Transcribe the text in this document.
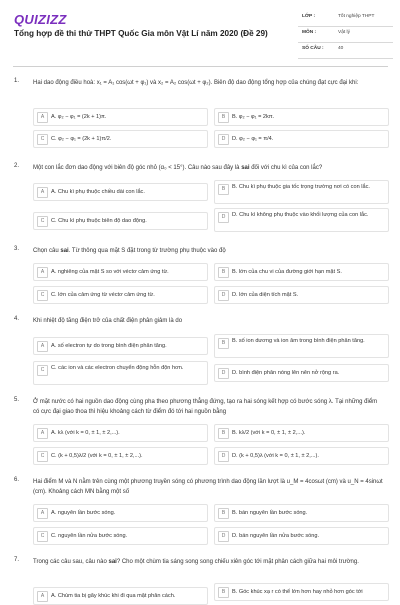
QUIZIZZ
Tổng hợp đề thi thử THPT Quốc Gia môn Vật Lí năm 2020 (Đề 29)
LỚP :	Tốt nghiệp THPT
MÔN :	Vật lý
SỐ CÂU :	40
1. Hai dao động điều hoà: x₁ = A₁ cos(ωt + φ₁) và x₂ = A₂ cos(ωt + φ₂). Biên độ dao động tổng hợp của chúng đạt cực đại khi:
A	A. φ₂ − φ₁ = (2k + 1)π.	B	B. φ₂ − φ₁ = 2kπ.
C	C. φ₂ − φ₁ = (2k + 1)π/2.	D	D. φ₂ − φ₁ = π/4.
2. Một con lắc đơn dao động với biên độ góc nhỏ (α₀ < 15°). Câu nào sau đây là sai đối với chu kì của con lắc?
A	A. Chu kì phụ thuộc chiều dài con lắc.	B	B. Chu kì phụ thuộc gia tốc trọng trường nơi có con lắc.
C	C. Chu kì phụ thuộc biên độ dao động.
D	D. Chu kì không phụ thuộc vào khối lượng của con lắc.
3. Chọn câu sai. Từ thông qua mặt S đặt trong từ trường phụ thuộc vào độ
A	A. nghiêng của mặt S so với véctơ cảm ứng từ.	B	B. lớn của chu vi của đường giới hạn mặt S.
C	C. lớn của cảm ứng từ véctơ cảm ứng từ.	D	D. lớn của diện tích mặt S.
4. Khi nhiệt độ tăng điện trở của chất điện phân giảm là do
A	A. số electron tự do trong bình điện phân tăng.	B	B. số ion dương và ion âm trong bình điện phân tăng.
C	C. các ion và các electron chuyển động hỗn độn hơn.
D	D. bình điện phân nóng lên nên nở rộng ra.
5. Ở mặt nước có hai nguồn dao động cùng pha theo phương thẳng đứng, tạo ra hai sóng kết hợp có bước sóng λ. Tại những điểm có cực đại giao thoa thì hiệu khoảng cách từ điểm đó tới hai nguồn bằng
A	A. kλ (với k = 0, ± 1, ± 2,...).	B	B. kλ/2 (với k = 0, ± 1, ± 2,...).
C	C. (k + 0,5)λ/2 (với k = 0, ± 1, ± 2,...).	D	D. (k + 0,5)λ (với k = 0, ± 1, ± 2,...).
6. Hai điểm M và N nằm trên cùng một phương truyền sóng có phương trình dao động lần lượt là u_M = 4cosωt (cm) và u_N = 4sinωt (cm). Khoảng cách MN bằng một số
A	A. nguyên lần bước sóng.	B	B. bán nguyên lần bước sóng.
C	C. nguyên lần nửa bước sóng.	D	D. bán nguyên lần nửa bước sóng.
7. Trong các câu sau, câu nào sai? Cho một chùm tia sáng song song chiếu xiên góc tới mặt phân cách giữa hai môi trường.
A	A. Chùm tia bị gãy khúc khi đi qua mặt phân cách.
B	B. Góc khúc xạ r có thể lớn hơn hay nhỏ hơn góc tới
